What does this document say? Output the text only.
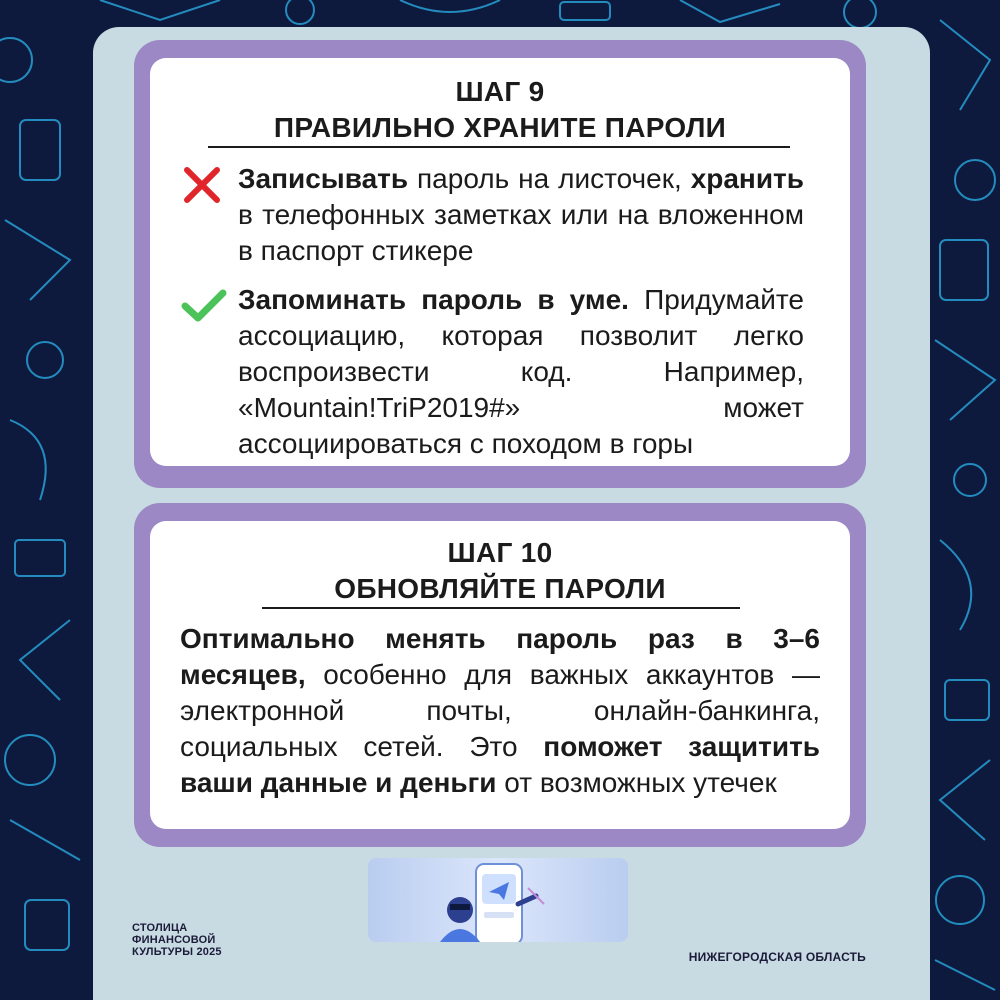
ШАГ 9
ПРАВИЛЬНО ХРАНИТЕ ПАРОЛИ

Записывать пароль на листочек, хранить в телефонных заметках или на вложенном в паспорт стикере

Запоминать пароль в уме. Придумайте ассоциацию, которая позволит легко воспроизвести код. Например, «Mountain!TriP2019#» может ассоциироваться с походом в горы

ШАГ 10
ОБНОВЛЯЙТЕ ПАРОЛИ

Оптимально менять пароль раз в 3–6 месяцев, особенно для важных аккаунтов — электронной почты, онлайн-банкинга, социальных сетей. Это поможет защитить ваши данные и деньги от возможных утечек

СТОЛИЦА
ФИНАНСОВОЙ
КУЛЬТУРЫ 2025	НИЖЕГОРОДСКАЯ ОБЛАСТЬ
